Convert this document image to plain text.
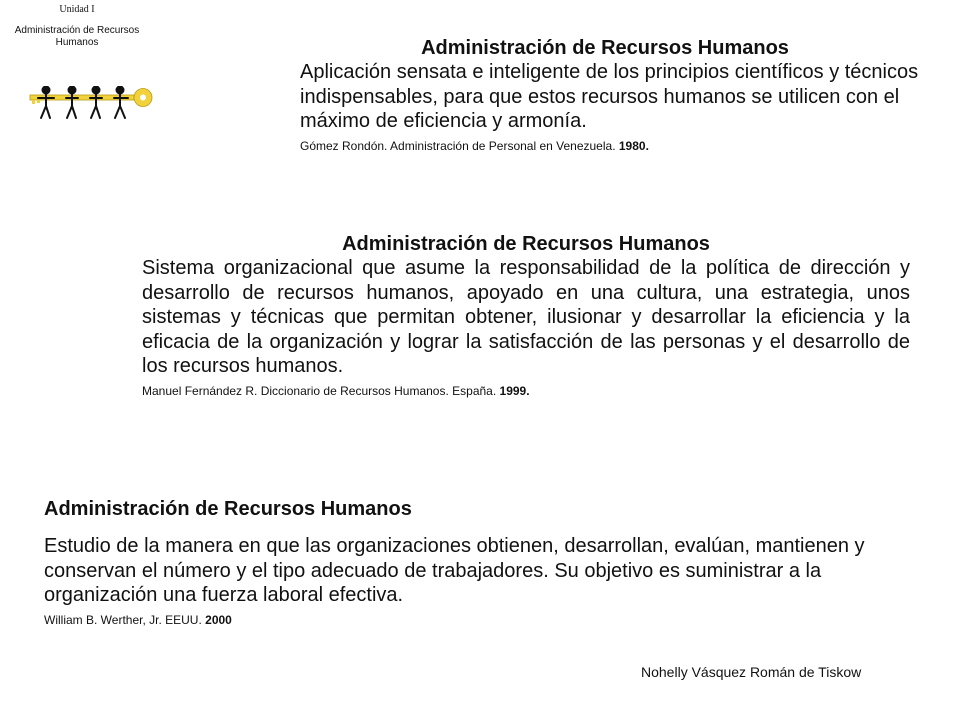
Unidad I
Administración de Recursos Humanos	Administración de Recursos Humanos
Aplicación sensata e inteligente de los principios científicos y técnicos indispensables, para que estos recursos humanos se utilicen con el máximo de eficiencia y armonía.
Gómez Rondón. Administración de Personal en Venezuela. 1980.
Administración de Recursos Humanos
Sistema organizacional que asume la responsabilidad de la política de dirección y desarrollo de recursos humanos, apoyado en una cultura, una estrategia, unos sistemas y técnicas que permitan obtener, ilusionar y desarrollar la eficiencia y la eficacia de la organización y lograr la satisfacción de las personas y el desarrollo de los recursos humanos.
Manuel Fernández R. Diccionario de Recursos Humanos. España. 1999.
Administración de Recursos Humanos
Estudio de la manera en que las organizaciones obtienen, desarrollan, evalúan, mantienen y conservan el número y el tipo adecuado de trabajadores. Su objetivo es suministrar a la organización una fuerza laboral efectiva.
William B. Werther, Jr. EEUU. 2000
Nohelly Vásquez Román de Tiskow
